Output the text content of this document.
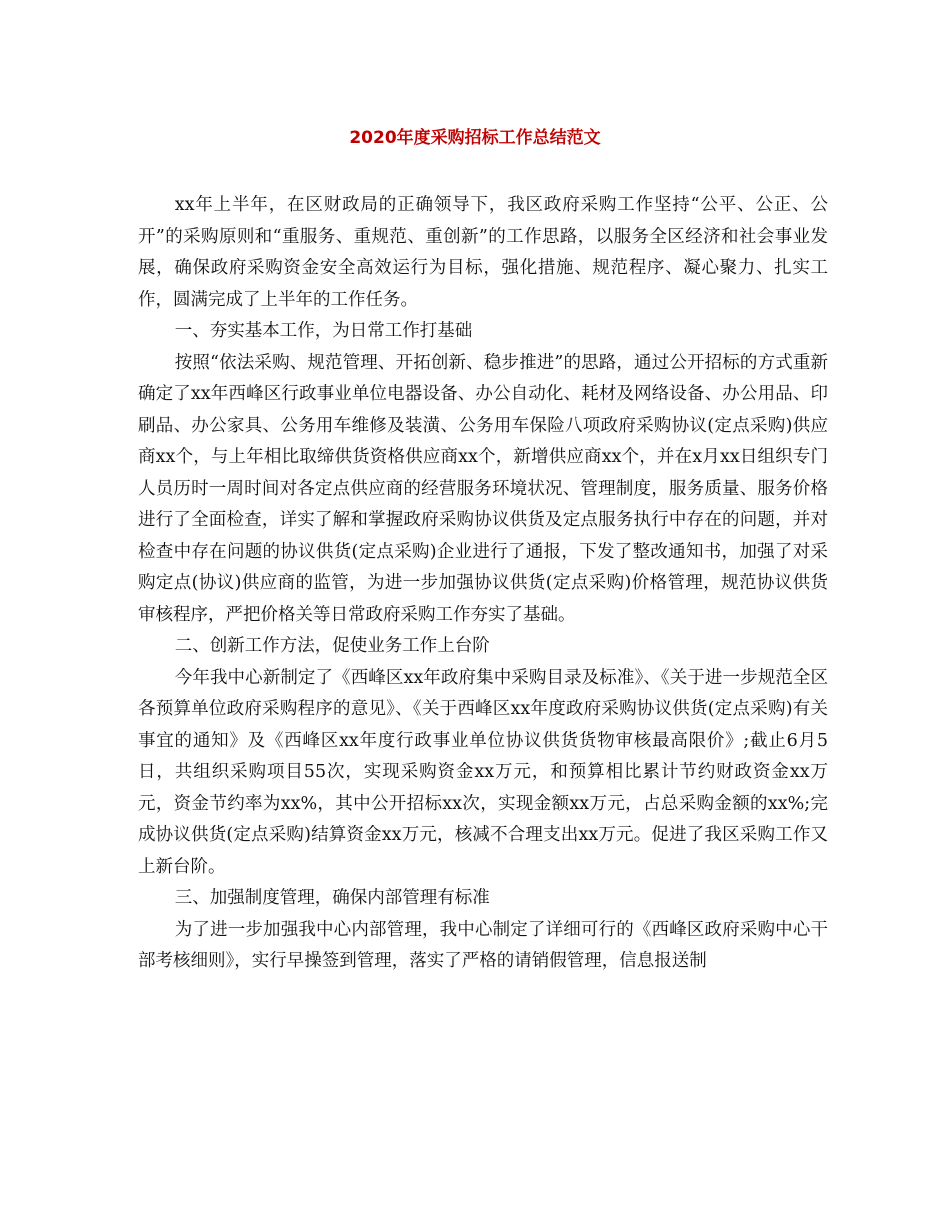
2020年度采购招标工作总结范文

xx年上半年，在区财政局的正确领导下，我区政府采购工作坚持“公平、公正、公开”的采购原则和“重服务、重规范、重创新”的工作思路，以服务全区经济和社会事业发展，确保政府采购资金安全高效运行为目标，强化措施、规范程序、凝心聚力、扎实工作，圆满完成了上半年的工作任务。

一、夯实基本工作，为日常工作打基础

按照“依法采购、规范管理、开拓创新、稳步推进”的思路，通过公开招标的方式重新确定了xx年西峰区行政事业单位电器设备、办公自动化、耗材及网络设备、办公用品、印刷品、办公家具、公务用车维修及装潢、公务用车保险八项政府采购协议(定点采购)供应商xx个，与上年相比取缔供货资格供应商xx个，新增供应商xx个，并在x月xx日组织专门人员历时一周时间对各定点供应商的经营服务环境状况、管理制度，服务质量、服务价格进行了全面检查，详实了解和掌握政府采购协议供货及定点服务执行中存在的问题，并对检查中存在问题的协议供货(定点采购)企业进行了通报，下发了整改通知书，加强了对采购定点(协议)供应商的监管，为进一步加强协议供货(定点采购)价格管理，规范协议供货审核程序，严把价格关等日常政府采购工作夯实了基础。

二、创新工作方法，促使业务工作上台阶

今年我中心新制定了《西峰区xx年政府集中采购目录及标准》、《关于进一步规范全区各预算单位政府采购程序的意见》、《关于西峰区xx年度政府采购协议供货(定点采购)有关事宜的通知》及《西峰区xx年度行政事业单位协议供货货物审核最高限价》;截止6月5日，共组织采购项目55次，实现采购资金xx万元，和预算相比累计节约财政资金xx万元，资金节约率为xx%，其中公开招标xx次，实现金额xx万元，占总采购金额的xx%;完成协议供货(定点采购)结算资金xx万元，核减不合理支出xx万元。促进了我区采购工作又上新台阶。

三、加强制度管理，确保内部管理有标准

为了进一步加强我中心内部管理，我中心制定了详细可行的《西峰区政府采购中心干部考核细则》，实行早操签到管理，落实了严格的请销假管理，信息报送制
